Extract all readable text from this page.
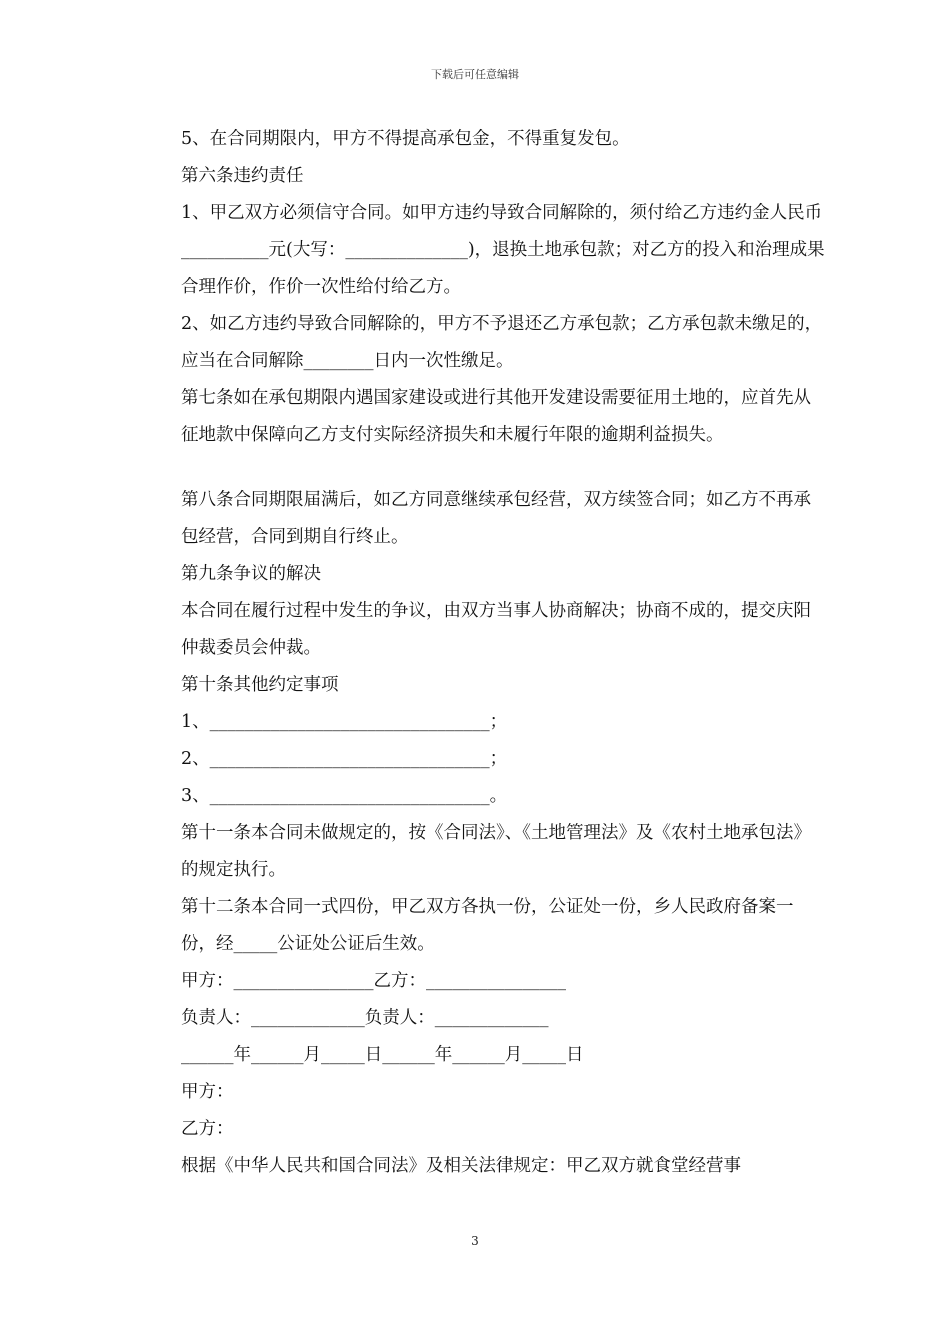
下载后可任意编辑

5、在合同期限内，甲方不得提高承包金，不得重复发包。

第六条违约责任

1、甲乙双方必须信守合同。如甲方违约导致合同解除的，须付给乙方违约金人民币__________元(大写：______________)，退换土地承包款；对乙方的投入和治理成果合理作价，作价一次性给付给乙方。

2、如乙方违约导致合同解除的，甲方不予退还乙方承包款；乙方承包款未缴足的，应当在合同解除________日内一次性缴足。

第七条如在承包期限内遇国家建设或进行其他开发建设需要征用土地的，应首先从征地款中保障向乙方支付实际经济损失和未履行年限的逾期利益损失。

第八条合同期限届满后，如乙方同意继续承包经营，双方续签合同；如乙方不再承包经营，合同到期自行终止。

第九条争议的解决

本合同在履行过程中发生的争议，由双方当事人协商解决；协商不成的，提交庆阳仲裁委员会仲裁。

第十条其他约定事项

1、________________________________；

2、________________________________；

3、________________________________。

第十一条本合同未做规定的，按《合同法》、《土地管理法》及《农村土地承包法》的规定执行。

第十二条本合同一式四份，甲乙双方各执一份，公证处一份，乡人民政府备案一份，经_____公证处公证后生效。

甲方：________________乙方：________________

负责人：_____________负责人：_____________

______年______月_____日______年______月_____日

甲方：

乙方：

根据《中华人民共和国合同法》及相关法律规定：甲乙双方就食堂经营事

3
